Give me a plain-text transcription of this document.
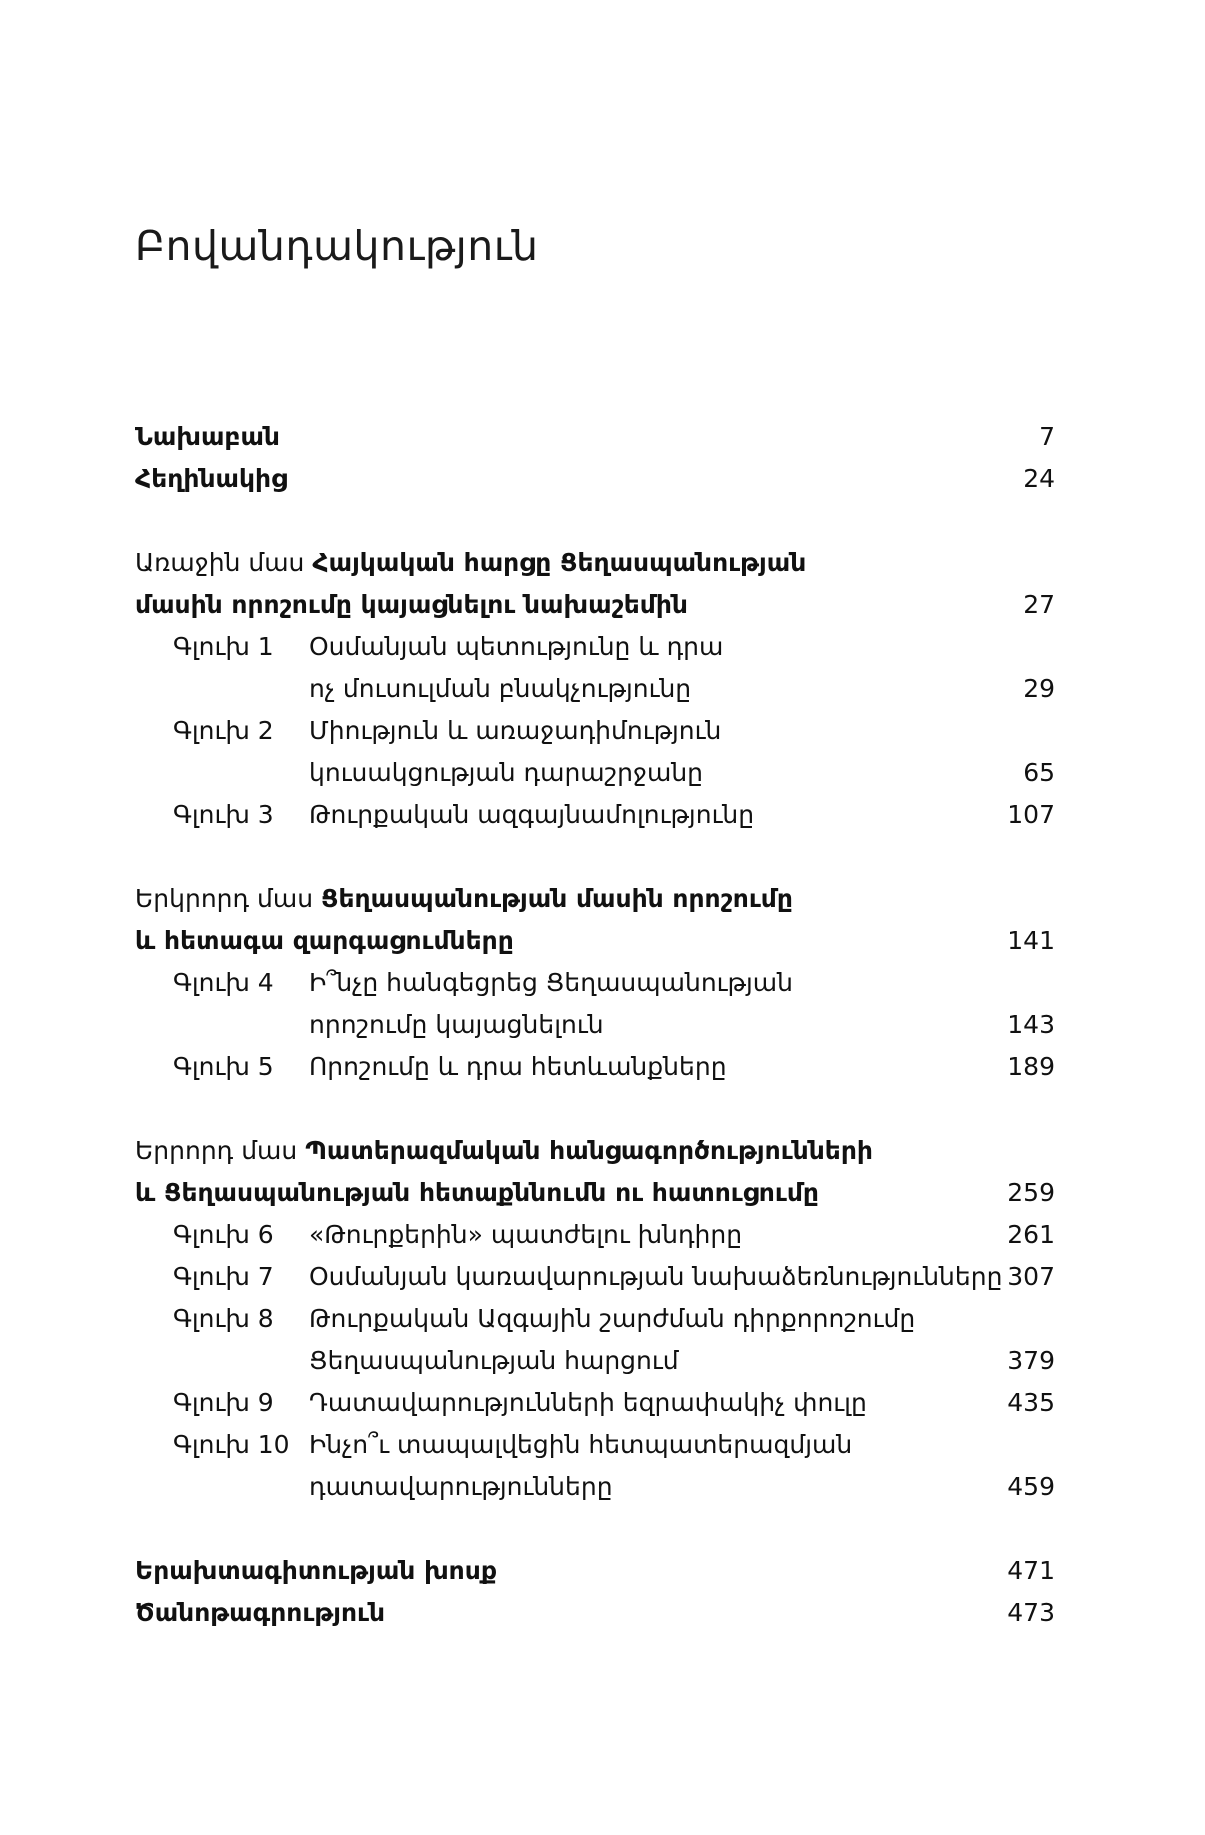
Բովանդակություն
Նախաբան	7
Հեղինակից	24
Առաջին մաս Հայկական հարցը Ցեղասպանության
մասին որոշումը կայացնելու նախաշեմին	27
Գլուխ 1 Օսմանյան պետությունը և դրա
ոչ մուսուլման բնակչությունը	29
Գլուխ 2 Միություն և առաջադիմություն
կուսակցության դարաշրջանը	65
Գլուխ 3 Թուրքական ազգայնամոլությունը	107
Երկրորդ մաս Ցեղասպանության մասին որոշումը
և հետագա զարգացումները	141
Գլուխ 4 Ի՞նչը հանգեցրեց Ցեղասպանության
որոշումը կայացնելուն	143
Գլուխ 5 Որոշումը և դրա հետևանքները	189
Երրորդ մաս Պատերազմական հանցագործությունների
և Ցեղասպանության հետաքննումն ու հատուցումը	259
Գլուխ 6 «Թուրքերին» պատժելու խնդիրը	261
Գլուխ 7 Օսմանյան կառավարության նախաձեռնությունները 307
Գլուխ 8 Թուրքական Ազգային շարժման դիրքորոշումը
Ցեղասպանության հարցում	379
Գլուխ 9 Դատավարությունների եզրափակիչ փուլը	435
Գլուխ 10 Ինչո՞ւ տապալվեցին հետպատերազմյան
դատավարությունները	459
Երախտագիտության խոսք	471
Ծանոթագրություն	473
